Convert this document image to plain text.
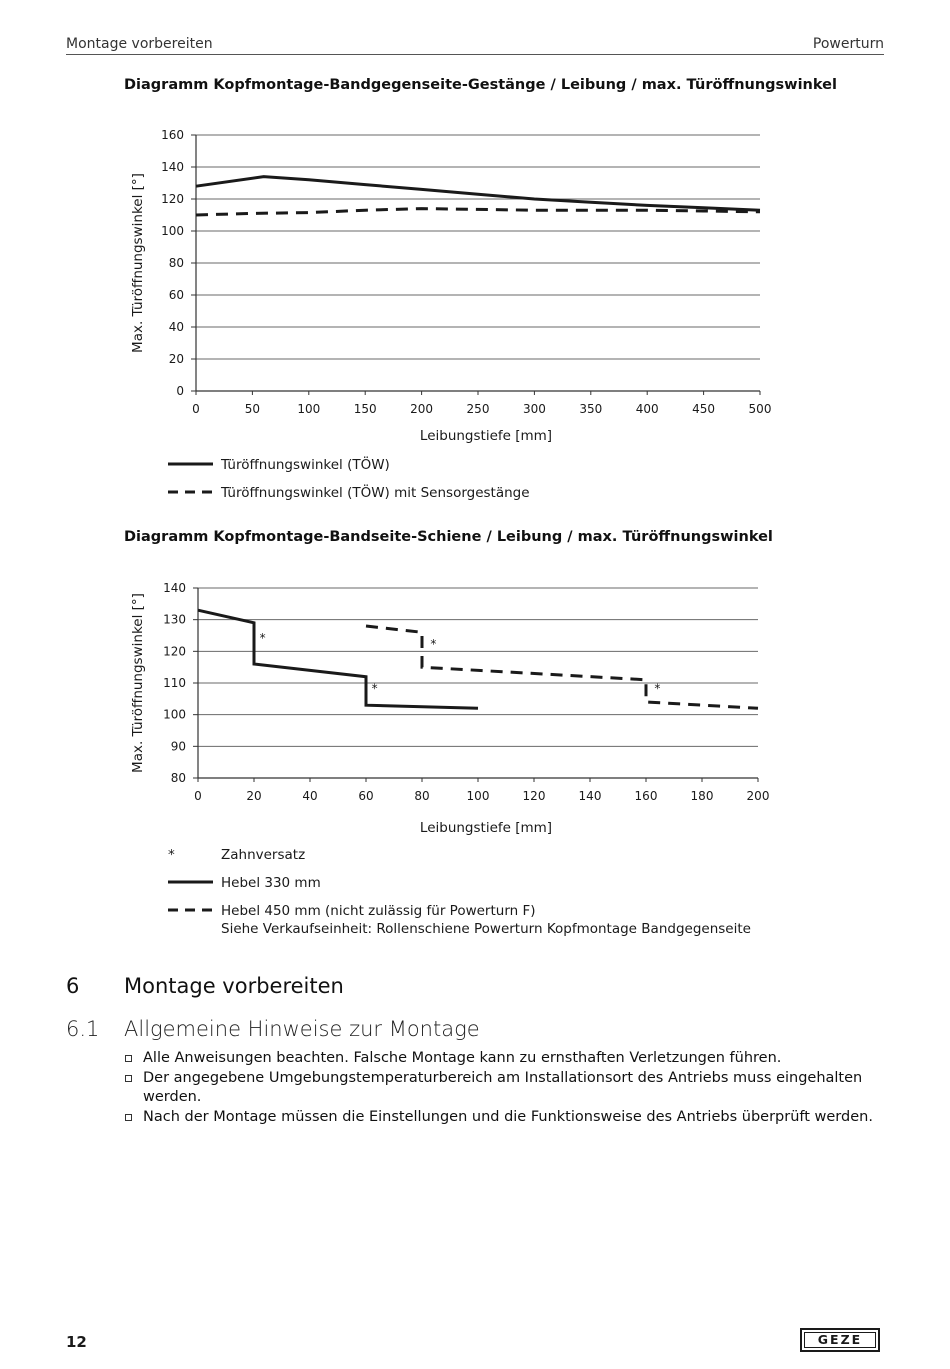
Montage vorbereiten	Powerturn
Diagramm Kopfmontage-Bandgegenseite-Gestänge / Leibung / max. Türöffnungswinkel
0
20
40
60
80
100
120
140
160
0	50	100	150	200	250	300	350	400	450	500
Leibungstiefe [mm]
Max. Türöffnungswinkel [°]
Türöffnungswinkel (TÖW)
Türöffnungswinkel (TÖW) mit Sensorgestänge
Diagramm Kopfmontage-Bandseite-Schiene / Leibung / max. Türöffnungswinkel
80
90
100
110
120
130
140
0	20	40	60	80	100	120	140	160	180	200
Leibungstiefe [mm]
Max. Türöffnungswinkel [°]	*
*
*
*
*	Zahnversatz
Hebel 330 mm
Hebel 450 mm (nicht zulässig für Powerturn F)
Siehe Verkaufseinheit: Rollenschiene Powerturn Kopfmontage Bandgegenseite
6 Montage vorbereiten
6.1 Allgemeine Hinweise zur Montage
Alle Anweisungen beachten. Falsche Montage kann zu ernsthaften Verletzungen führen.
Der angegebene Umgebungstemperaturbereich am Installationsort des Antriebs muss eingehalten werden.
Nach der Montage müssen die Einstellungen und die Funktionsweise des Antriebs überprüft werden.
12	GEZE
